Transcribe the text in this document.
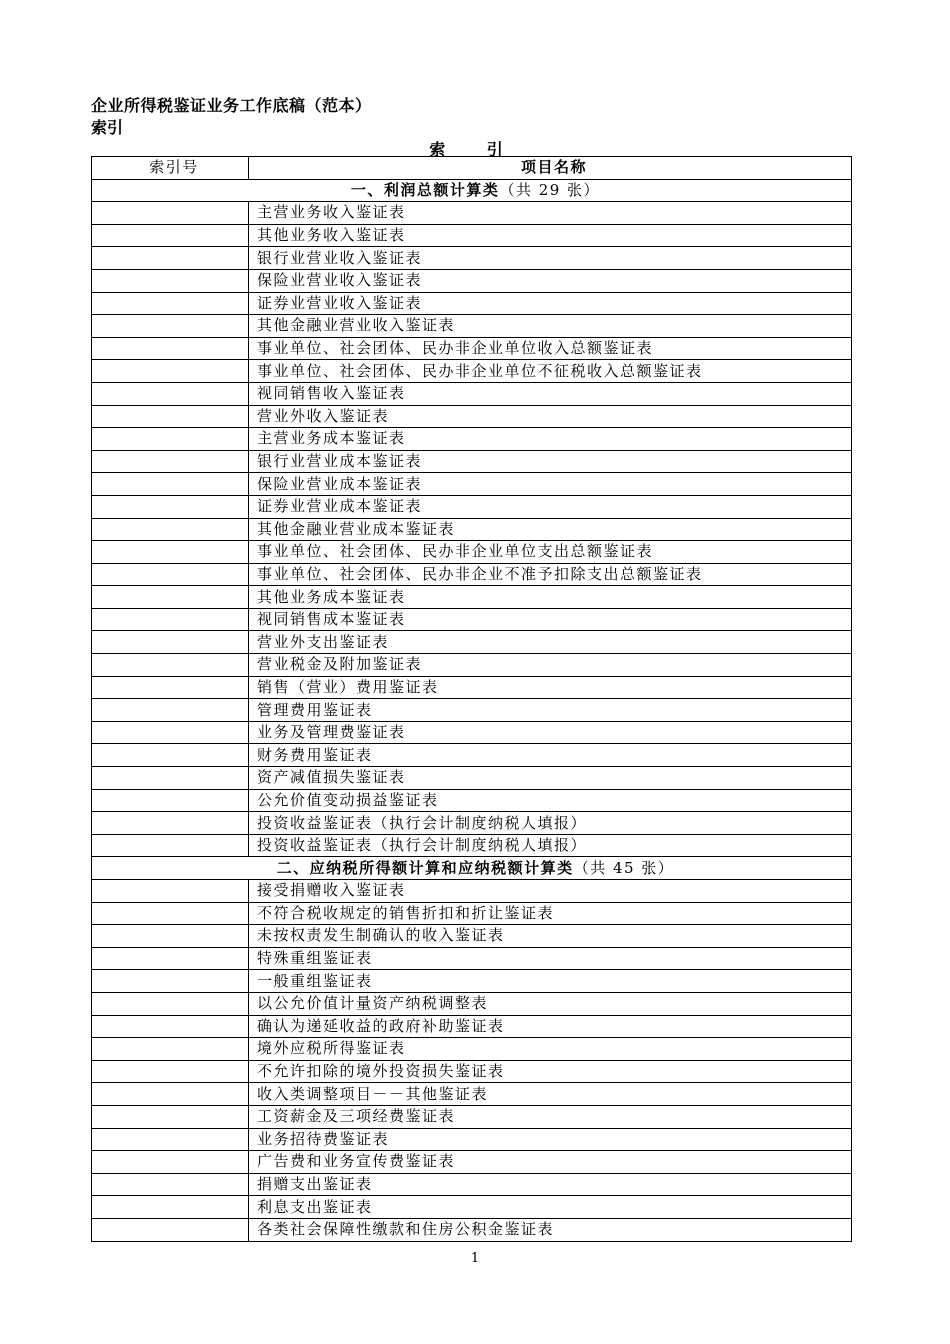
企业所得税鉴证业务工作底稿（范本）
索引
索 引
索引号	项目名称
一、利润总额计算类（共 29 张）	
	主营业务收入鉴证表
	其他业务收入鉴证表
	银行业营业收入鉴证表
	保险业营业收入鉴证表
	证券业营业收入鉴证表
	其他金融业营业收入鉴证表
	事业单位、社会团体、民办非企业单位收入总额鉴证表
	事业单位、社会团体、民办非企业单位不征税收入总额鉴证表
	视同销售收入鉴证表
	营业外收入鉴证表
	主营业务成本鉴证表
	银行业营业成本鉴证表
	保险业营业成本鉴证表
	证券业营业成本鉴证表
	其他金融业营业成本鉴证表
	事业单位、社会团体、民办非企业单位支出总额鉴证表
	事业单位、社会团体、民办非企业不准予扣除支出总额鉴证表
	其他业务成本鉴证表
	视同销售成本鉴证表
	营业外支出鉴证表
	营业税金及附加鉴证表
	销售（营业）费用鉴证表
	管理费用鉴证表
	业务及管理费鉴证表
	财务费用鉴证表
	资产减值损失鉴证表
	公允价值变动损益鉴证表
	投资收益鉴证表（执行会计制度纳税人填报）
	投资收益鉴证表（执行会计制度纳税人填报）
二、应纳税所得额计算和应纳税额计算类（共 45 张）	
	接受捐赠收入鉴证表
	不符合税收规定的销售折扣和折让鉴证表
	未按权责发生制确认的收入鉴证表
	特殊重组鉴证表
	一般重组鉴证表
	以公允价值计量资产纳税调整表
	确认为递延收益的政府补助鉴证表
	境外应税所得鉴证表
	不允许扣除的境外投资损失鉴证表
	收入类调整项目－－其他鉴证表
	工资薪金及三项经费鉴证表
	业务招待费鉴证表
	广告费和业务宣传费鉴证表
	捐赠支出鉴证表
	利息支出鉴证表
	各类社会保障性缴款和住房公积金鉴证表
1
